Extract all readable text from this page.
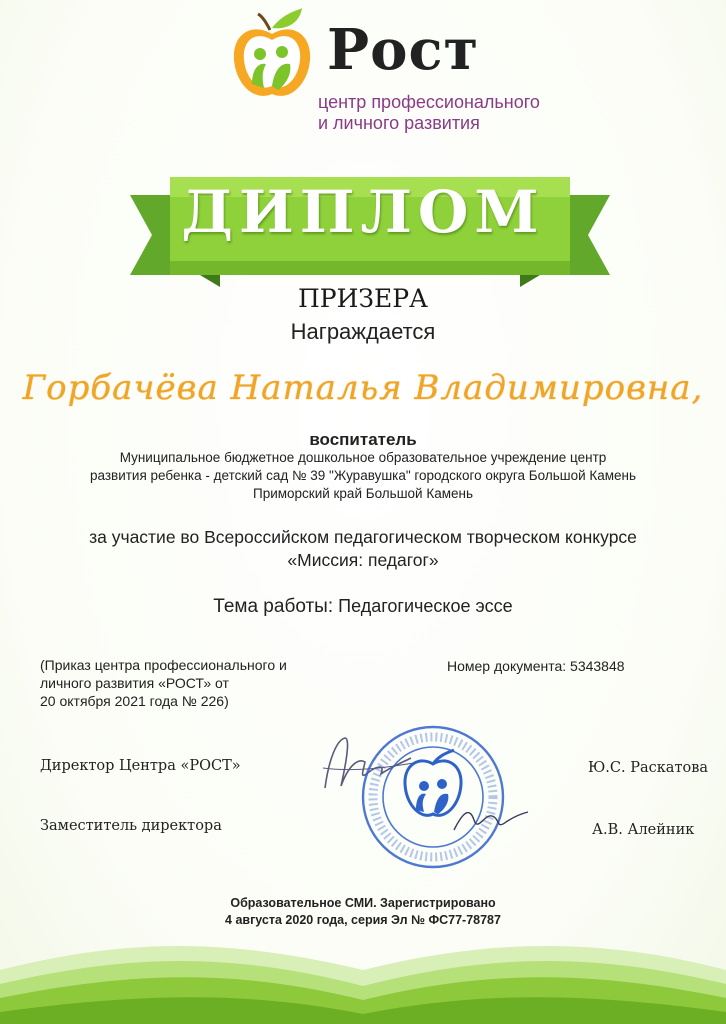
Рост
центр профессионального
и личного развития
ДИПЛОМ
ПРИЗЕРА
Награждается
Горбачёва Наталья Владимировна,
воспитатель
Муниципальное бюджетное дошкольное образовательное учреждение центр
развития ребенка - детский сад № 39 "Журавушка" городского округа Большой Камень
Приморский край Большой Камень
за участие во Всероссийском педагогическом творческом конкурсе
«Миссия: педагог»
Тема работы: Педагогическое эссе
(Приказ центра профессионального и
личного развития «РОСТ» от
20 октября 2021 года № 226)
Номер документа: 5343848
Директор Центра «РОСТ»	Ю.С. Раскатова
Заместитель директора	А.В. Алейник
Образовательное СМИ. Зарегистрировано
4 августа 2020 года, серия Эл № ФС77-78787
